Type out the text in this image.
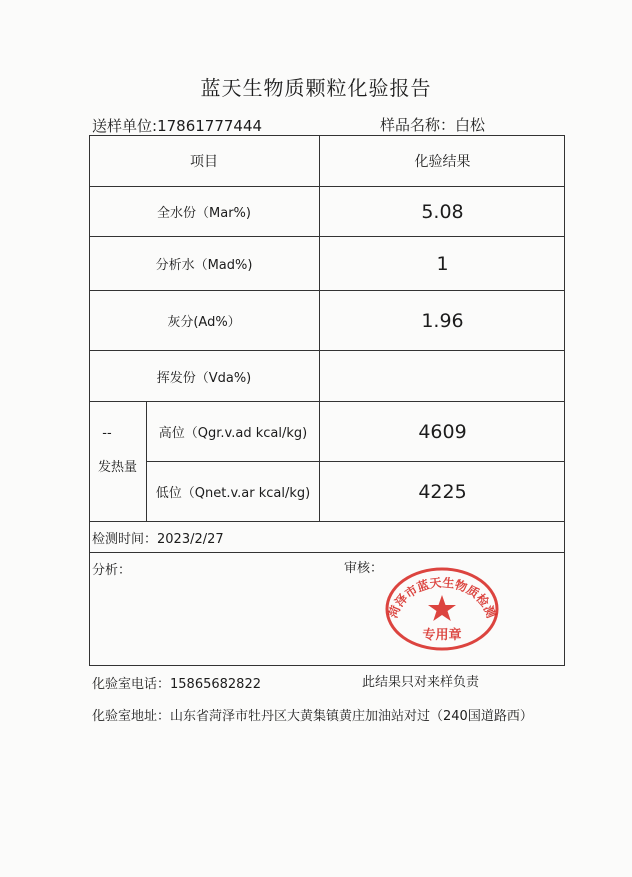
蓝天生物质颗粒化验报告
送样单位:17861777444	样品名称：白松
项目	化验结果
全水份（Mar%)	5.08
分析水（Mad%)	1
灰分(Ad%）	1.96
挥发份（Vda%)
--
发热量
高位（Qgr.v.ad kcal/kg)	4609
低位（Qnet.v.ar kcal/kg)	4225
检测时间：2023/2/27
分析：	审核：
菏泽市蓝天生物质检测
专用章
化验室电话：15865682822	此结果只对来样负责
化验室地址：山东省菏泽市牡丹区大黄集镇黄庄加油站对过（240国道路西）
